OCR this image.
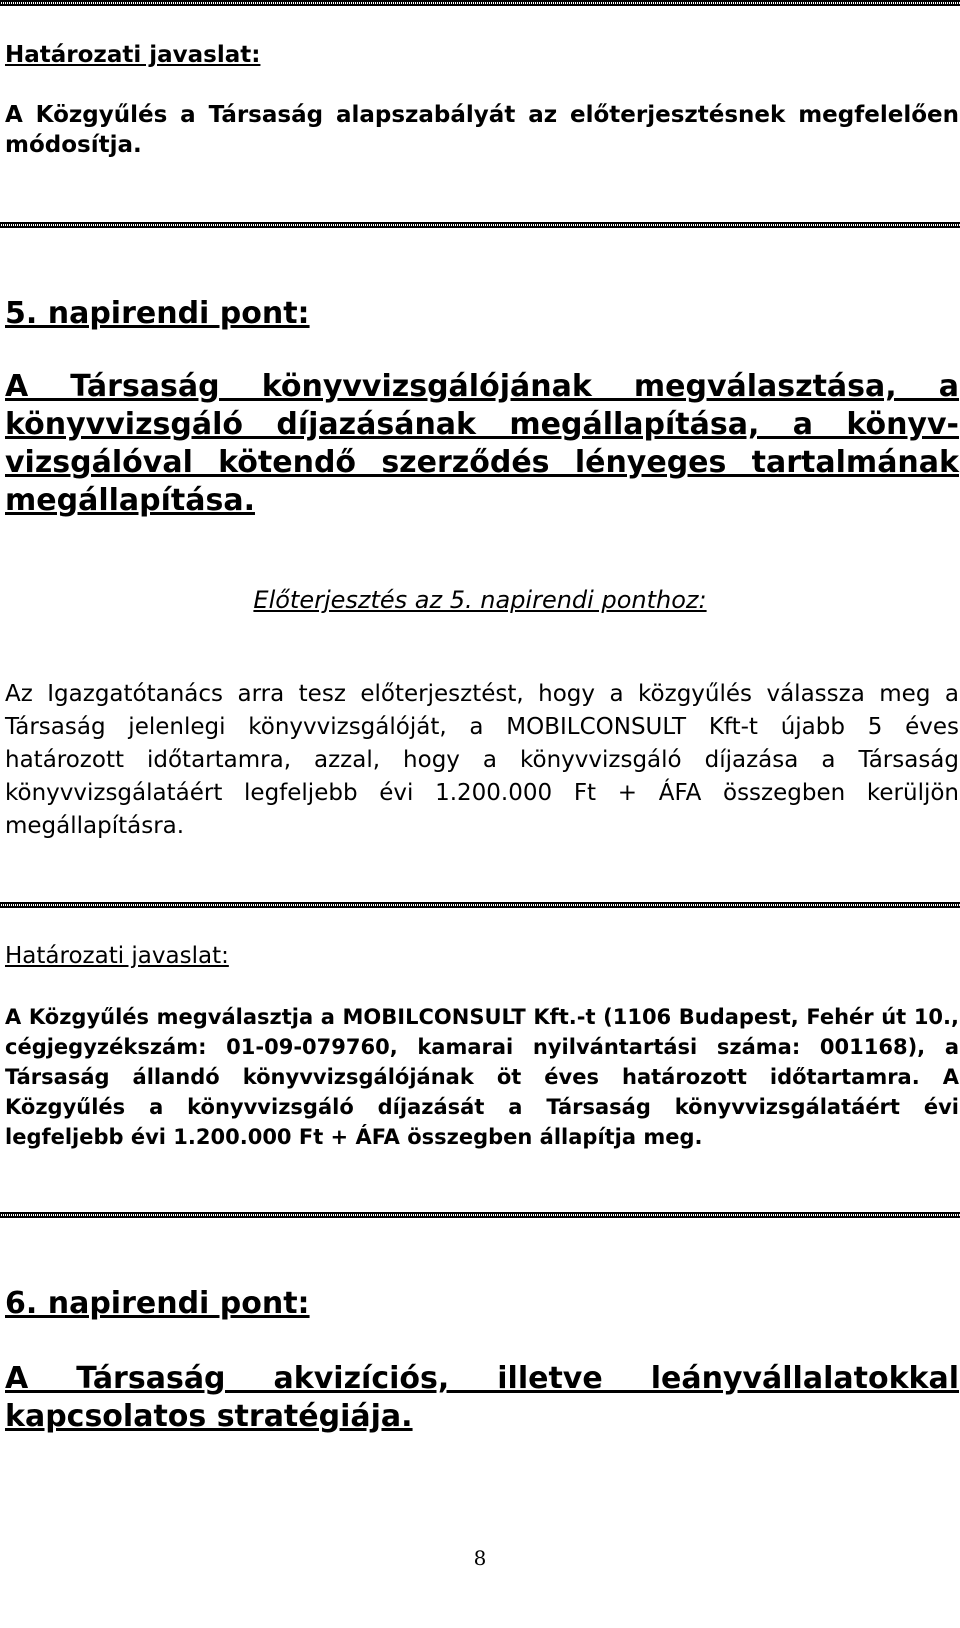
Határozati javaslat:
A Közgyűlés a Társaság alapszabályát az előterjesztésnek megfelelően módosítja.
5. napirendi pont:
A Társaság könyvvizsgálójának megválasztása, a könyvvizsgáló díjazásának megállapítása, a könyv-vizsgálóval kötendő szerződés lényeges tartalmának megállapítása.
Előterjesztés az 5. napirendi ponthoz:
Az Igazgatótanács arra tesz előterjesztést, hogy a közgyűlés válassza meg a Társaság jelenlegi könyvvizsgálóját, a MOBILCONSULT Kft-t újabb 5 éves határozott időtartamra, azzal, hogy a könyvvizsgáló díjazása a Társaság könyvvizsgálatáért legfeljebb évi 1.200.000 Ft + ÁFA összegben kerüljön megállapításra.
Határozati javaslat:
A Közgyűlés megválasztja a MOBILCONSULT Kft.-t (1106 Budapest, Fehér út 10., cégjegyzékszám: 01-09-079760, kamarai nyilvántartási száma: 001168), a Társaság állandó könyvvizsgálójának öt éves határozott időtartamra. A Közgyűlés a könyvvizsgáló díjazását a Társaság könyvvizsgálatáért évi legfeljebb évi 1.200.000 Ft + ÁFA összegben állapítja meg.
6. napirendi pont:
A Társaság akvizíciós, illetve leányvállalatokkal kapcsolatos stratégiája.
8
